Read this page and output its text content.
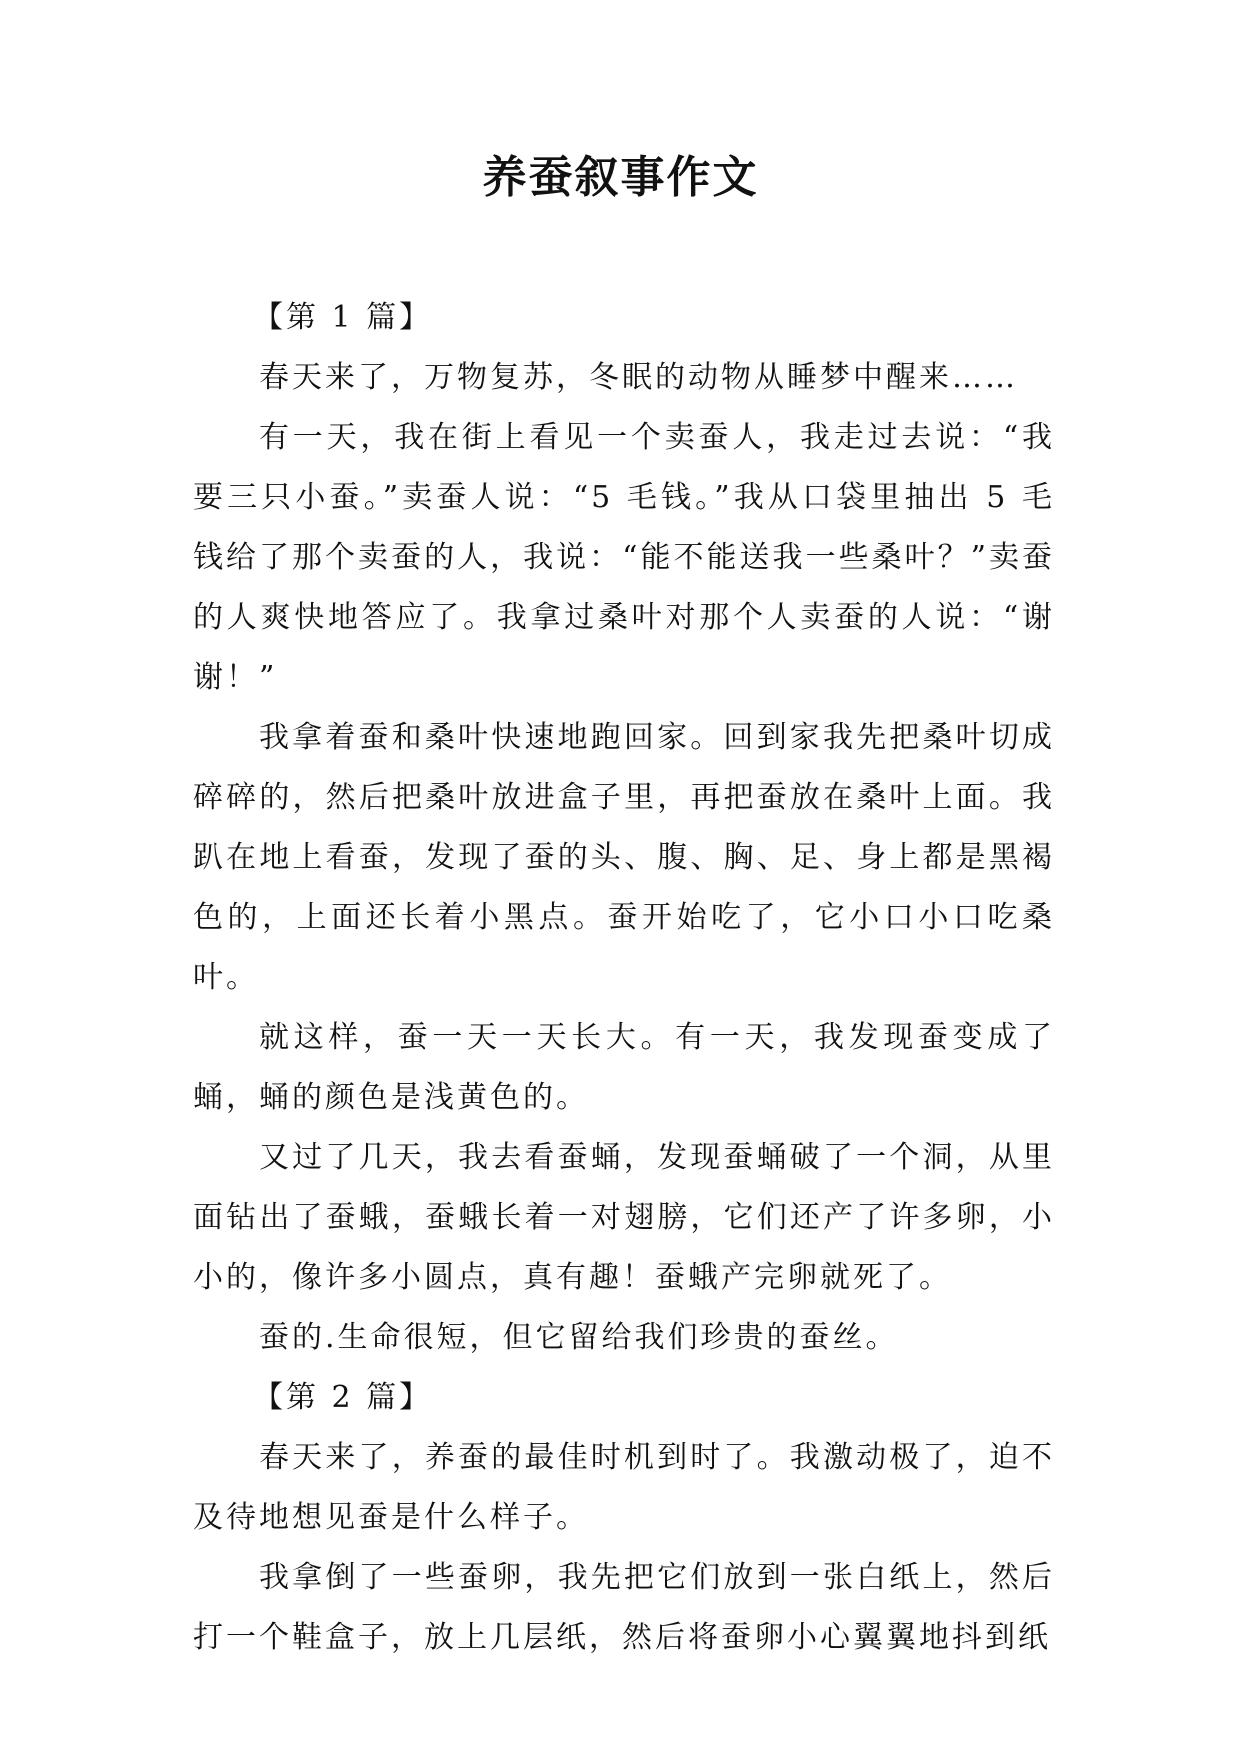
养蚕叙事作文

【第 1 篇】

春天来了，万物复苏，冬眠的动物从睡梦中醒来……

有一天，我在街上看见一个卖蚕人，我走过去说：“我要三只小蚕。”卖蚕人说：“5 毛钱。”我从口袋里抽出 5 毛钱给了那个卖蚕的人，我说：“能不能送我一些桑叶？”卖蚕的人爽快地答应了。我拿过桑叶对那个人卖蚕的人说：“谢谢！”

我拿着蚕和桑叶快速地跑回家。回到家我先把桑叶切成碎碎的，然后把桑叶放进盒子里，再把蚕放在桑叶上面。我趴在地上看蚕，发现了蚕的头、腹、胸、足、身上都是黑褐色的，上面还长着小黑点。蚕开始吃了，它小口小口吃桑叶。

就这样，蚕一天一天长大。有一天，我发现蚕变成了蛹，蛹的颜色是浅黄色的。

又过了几天，我去看蚕蛹，发现蚕蛹破了一个洞，从里面钻出了蚕蛾，蚕蛾长着一对翅膀，它们还产了许多卵，小小的，像许多小圆点，真有趣！蚕蛾产完卵就死了。

蚕的.生命很短，但它留给我们珍贵的蚕丝。

【第 2 篇】

春天来了，养蚕的最佳时机到时了。我激动极了，迫不及待地想见蚕是什么样子。

我拿倒了一些蚕卵，我先把它们放到一张白纸上，然后打一个鞋盒子，放上几层纸，然后将蚕卵小心翼翼地抖到纸
